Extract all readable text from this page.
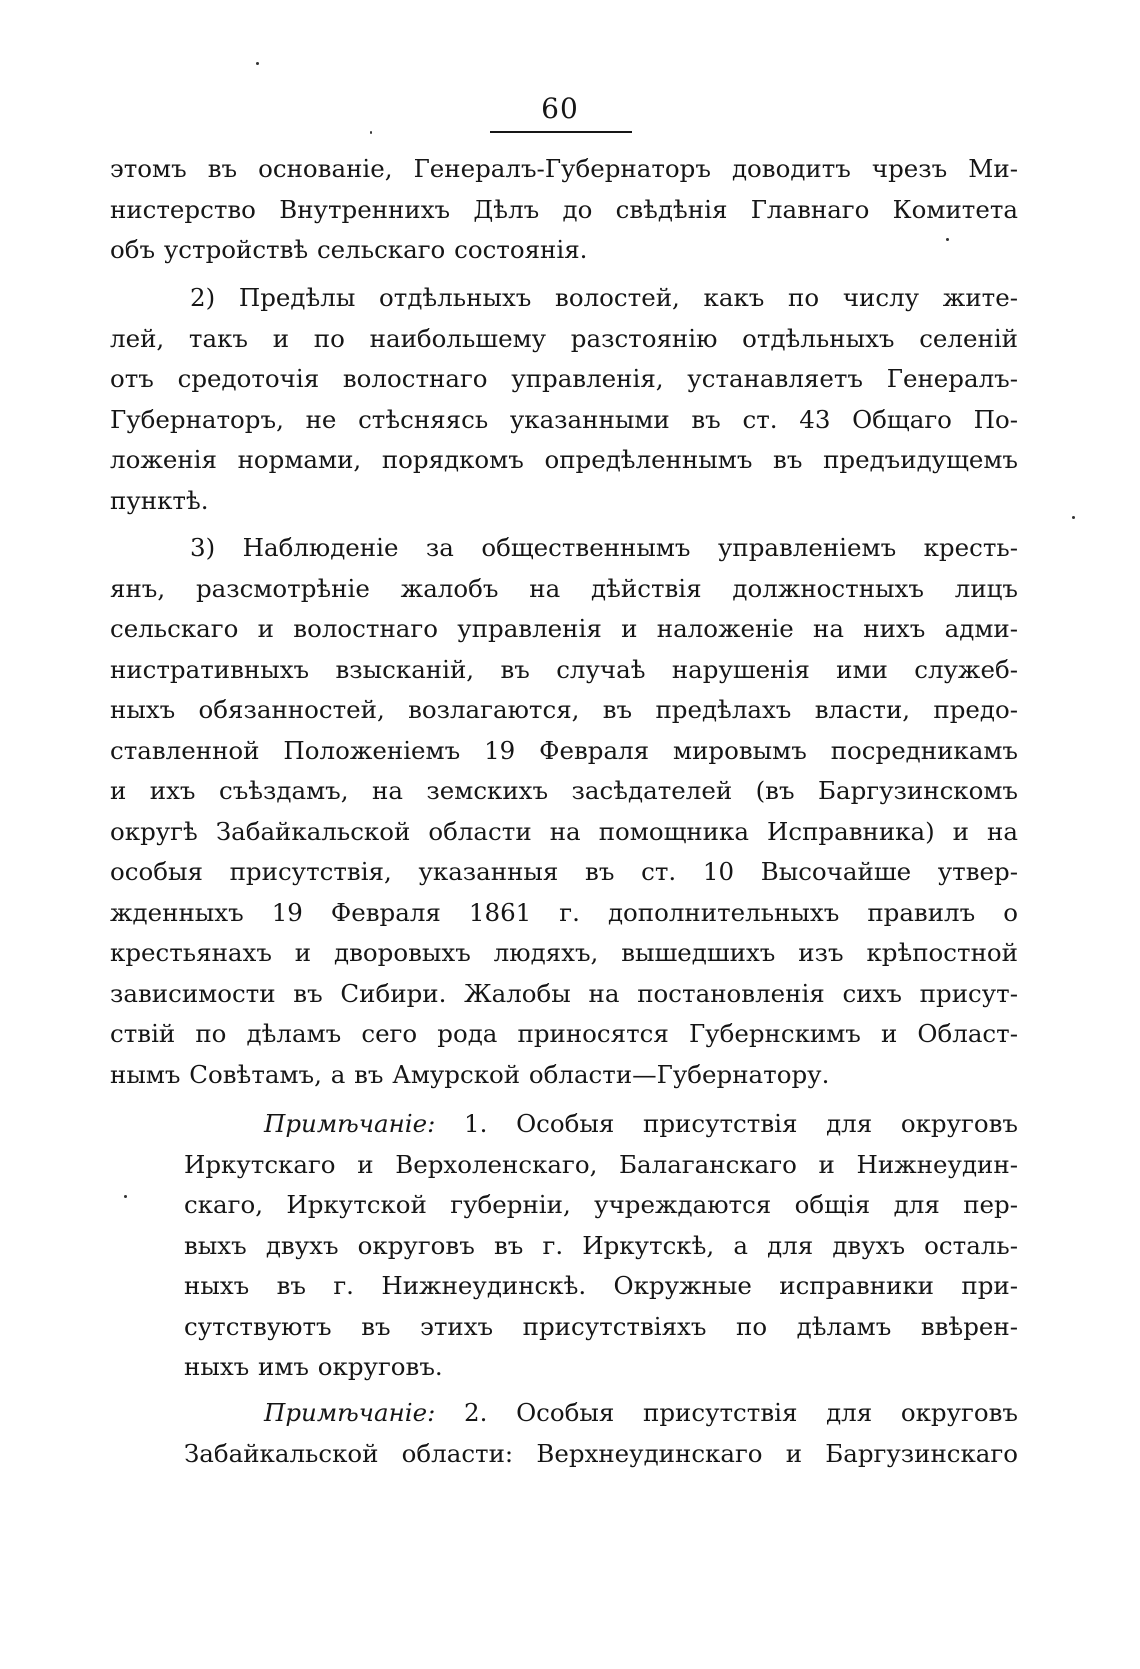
60
этомъ въ основаніе, Генералъ-Губернаторъ доводитъ чрезъ Ми-
нистерство Внутреннихъ Дѣлъ до свѣдѣнія Главнаго Комитета
объ устройствѣ сельскаго состоянія.
2) Предѣлы отдѣльныхъ волостей, какъ по числу жите-
лей, такъ и по наибольшему разстоянію отдѣльныхъ селеній
отъ средоточія волостнаго управленія, устанавляетъ Генералъ-
Губернаторъ, не стѣсняясь указанными въ ст. 43 Общаго По-
ложенія нормами, порядкомъ опредѣленнымъ въ предъидущемъ
пунктѣ.
3) Наблюденіе за общественнымъ управленіемъ кресть-
янъ, разсмотрѣніе жалобъ на дѣйствія должностныхъ лицъ
сельскаго и волостнаго управленія и наложеніе на нихъ адми-
нистративныхъ взысканій, въ случаѣ нарушенія ими служеб-
ныхъ обязанностей, возлагаются, въ предѣлахъ власти, предо-
ставленной Положеніемъ 19 Февраля мировымъ посредникамъ
и ихъ съѣздамъ, на земскихъ засѣдателей (въ Баргузинскомъ
округѣ Забайкальской области на помощника Исправника) и на
особыя присутствія, указанныя въ ст. 10 Высочайше утвер-
жденныхъ 19 Февраля 1861 г. дополнительныхъ правилъ о
крестьянахъ и дворовыхъ людяхъ, вышедшихъ изъ крѣпостной
зависимости въ Сибири. Жалобы на постановленія сихъ присут-
ствій по дѣламъ сего рода приносятся Губернскимъ и Област-
нымъ Совѣтамъ, а въ Амурской области—Губернатору.
Примѣчаніе: 1. Особыя присутствія для округовъ
Иркутскаго и Верхоленскаго, Балаганскаго и Нижнеудин-
скаго, Иркутской губерніи, учреждаются общія для пер-
выхъ двухъ округовъ въ г. Иркутскѣ, а для двухъ осталь-
ныхъ въ г. Нижнеудинскѣ. Окружные исправники при-
сутствуютъ въ этихъ присутствіяхъ по дѣламъ ввѣрен-
ныхъ имъ округовъ.
Примѣчаніе: 2. Особыя присутствія для округовъ
Забайкальской области: Верхнеудинскаго и Баргузинскаго
